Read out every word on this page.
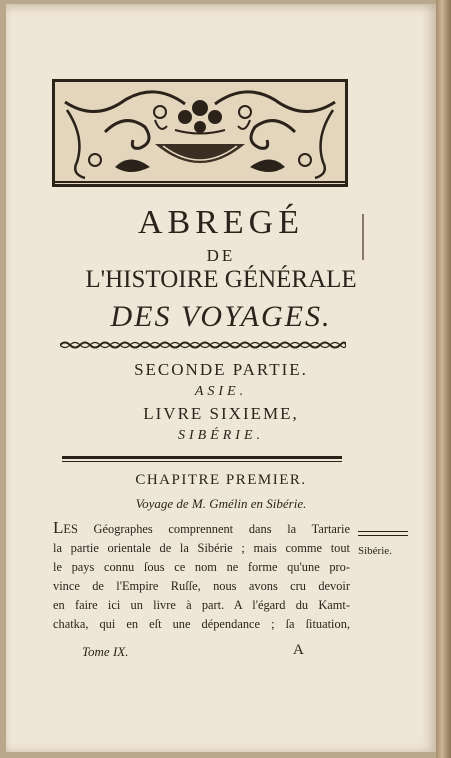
ABREGÉ
DE
L'HISTOIRE GÉNÉRALE
DES VOYAGES.
SECONDE PARTIE.
ASIE.
LIVRE SIXIEME,
SIBÉRIE.
CHAPITRE PREMIER.
Voyage de M. Gmélin en Sibérie.
LES Géographes comprennent dans la Tartarie
la partie orientale de la Sibérie ; mais comme tout
le pays connu ſous ce nom ne forme qu'une pro-
vince de l'Empire Ruſſe, nous avons cru devoir
en faire ici un livre à part. A l'égard du Kamt-
chatka, qui en eſt une dépendance ; ſa ſituation,
Sibérie.
Tome IX.	A
